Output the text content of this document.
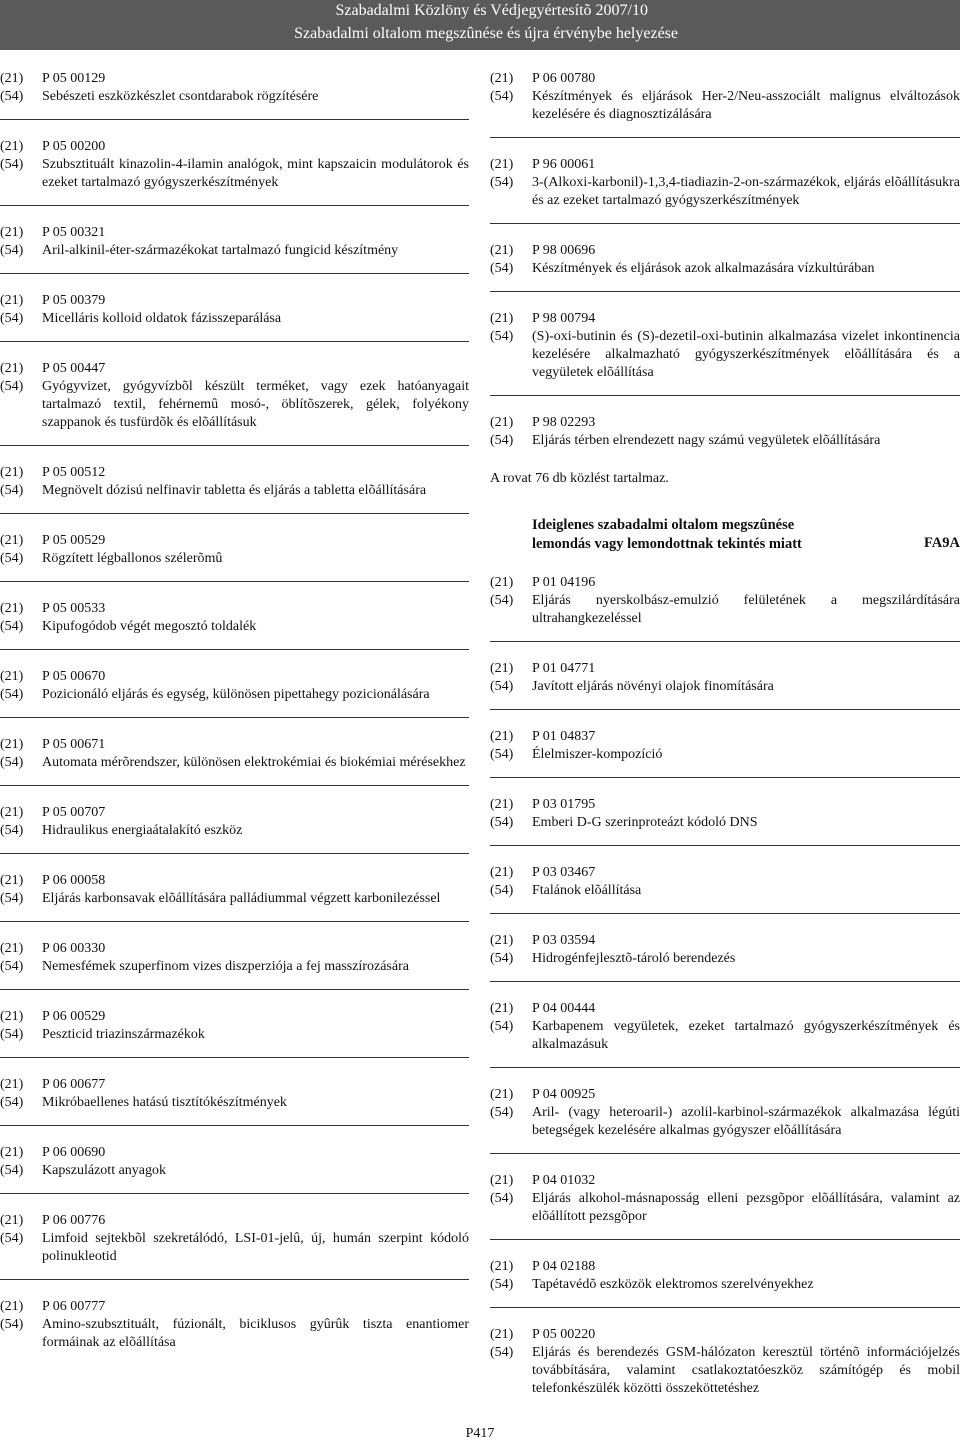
Szabadalmi Közlöny és Védjegyértesítõ 2007/10
Szabadalmi oltalom megszûnése és újra érvénybe helyezése
(21)	P 05 00129
(54)	Sebészeti eszközkészlet csontdarabok rögzítésére
(21)	P 05 00200
(54)	Szubsztituált kinazolin-4-ilamin analógok, mint kapszaicin modulátorok és ezeket tartalmazó gyógyszerkészítmények
(21)	P 05 00321
(54)	Aril-alkinil-éter-származékokat tartalmazó fungicid készítmény
(21)	P 05 00379
(54)	Micelláris kolloid oldatok fázisszeparálása
(21)	P 05 00447
(54)	Gyógyvizet, gyógyvízbõl készült terméket, vagy ezek hatóanyagait tartalmazó textil, fehérnemû mosó-, öblítõszerek, gélek, folyékony szappanok és tusfürdõk és elõállításuk
(21)	P 05 00512
(54)	Megnövelt dózisú nelfinavir tabletta és eljárás a tabletta elõállítására
(21)	P 05 00529
(54)	Rögzített légballonos szélerõmû
(21)	P 05 00533
(54)	Kipufogódob végét megosztó toldalék
(21)	P 05 00670
(54)	Pozicionáló eljárás és egység, különösen pipettahegy pozicionálására
(21)	P 05 00671
(54)	Automata mérõrendszer, különösen elektrokémiai és biokémiai mérésekhez
(21)	P 05 00707
(54)	Hidraulikus energiaátalakító eszköz
(21)	P 06 00058
(54)	Eljárás karbonsavak elõállítására palládiummal végzett karbonilezéssel
(21)	P 06 00330
(54)	Nemesfémek szuperfinom vizes diszperziója a fej masszírozására
(21)	P 06 00529
(54)	Peszticid triazinszármazékok
(21)	P 06 00677
(54)	Mikróbaellenes hatású tisztítókészítmények
(21)	P 06 00690
(54)	Kapszulázott anyagok
(21)	P 06 00776
(54)	Limfoid sejtekbõl szekretálódó, LSI-01-jelû, új, humán szerpint kódoló polinukleotid
(21)	P 06 00777
(54)	Amino-szubsztituált, fúzionált, biciklusos gyûrûk tiszta enantiomer formáinak az elõállítása
(21)	P 06 00780
(54)	Készítmények és eljárások Her-2/Neu-asszociált malignus elváltozások kezelésére és diagnosztizálására
(21)	P 96 00061
(54)	3-(Alkoxi-karbonil)-1,3,4-tiadiazin-2-on-származékok, eljárás elõállításukra és az ezeket tartalmazó gyógyszerkészítmények
(21)	P 98 00696
(54)	Készítmények és eljárások azok alkalmazására vízkultúrában
(21)	P 98 00794
(54)	(S)-oxi-butinin és (S)-dezetil-oxi-butinin alkalmazása vizelet inkontinencia kezelésére alkalmazható gyógyszerkészítmények elõállítására és a vegyületek elõállítása
(21)	P 98 02293
(54)	Eljárás térben elrendezett nagy számú vegyületek elõállítására
A rovat 76 db közlést tartalmaz.
Ideiglenes szabadalmi oltalom megszûnése
lemondás vagy lemondottnak tekintés miatt	FA9A
(21)	P 01 04196
(54)	Eljárás nyerskolbász-emulzió felületének a megszilárdítására ultrahangkezeléssel
(21)	P 01 04771
(54)	Javított eljárás növényi olajok finomítására
(21)	P 01 04837
(54)	Élelmiszer-kompozíció
(21)	P 03 01795
(54)	Emberi D-G szerinproteázt kódoló DNS
(21)	P 03 03467
(54)	Ftalánok elõállítása
(21)	P 03 03594
(54)	Hidrogénfejlesztõ-tároló berendezés
(21)	P 04 00444
(54)	Karbapenem vegyületek, ezeket tartalmazó gyógyszerkészítmények és alkalmazásuk
(21)	P 04 00925
(54)	Aril- (vagy heteroaril-) azolil-karbinol-származékok alkalmazása légúti betegségek kezelésére alkalmas gyógyszer elõállítására
(21)	P 04 01032
(54)	Eljárás alkohol-másnaposság elleni pezsgõpor elõállítására, valamint az elõállított pezsgõpor
(21)	P 04 02188
(54)	Tapétavédõ eszközök elektromos szerelvényekhez
(21)	P 05 00220
(54)	Eljárás és berendezés GSM-hálózaton keresztül történõ információjelzés továbbítására, valamint csatlakoztatóeszköz számítógép és mobil telefonkészülék közötti összeköttetéshez
P417
